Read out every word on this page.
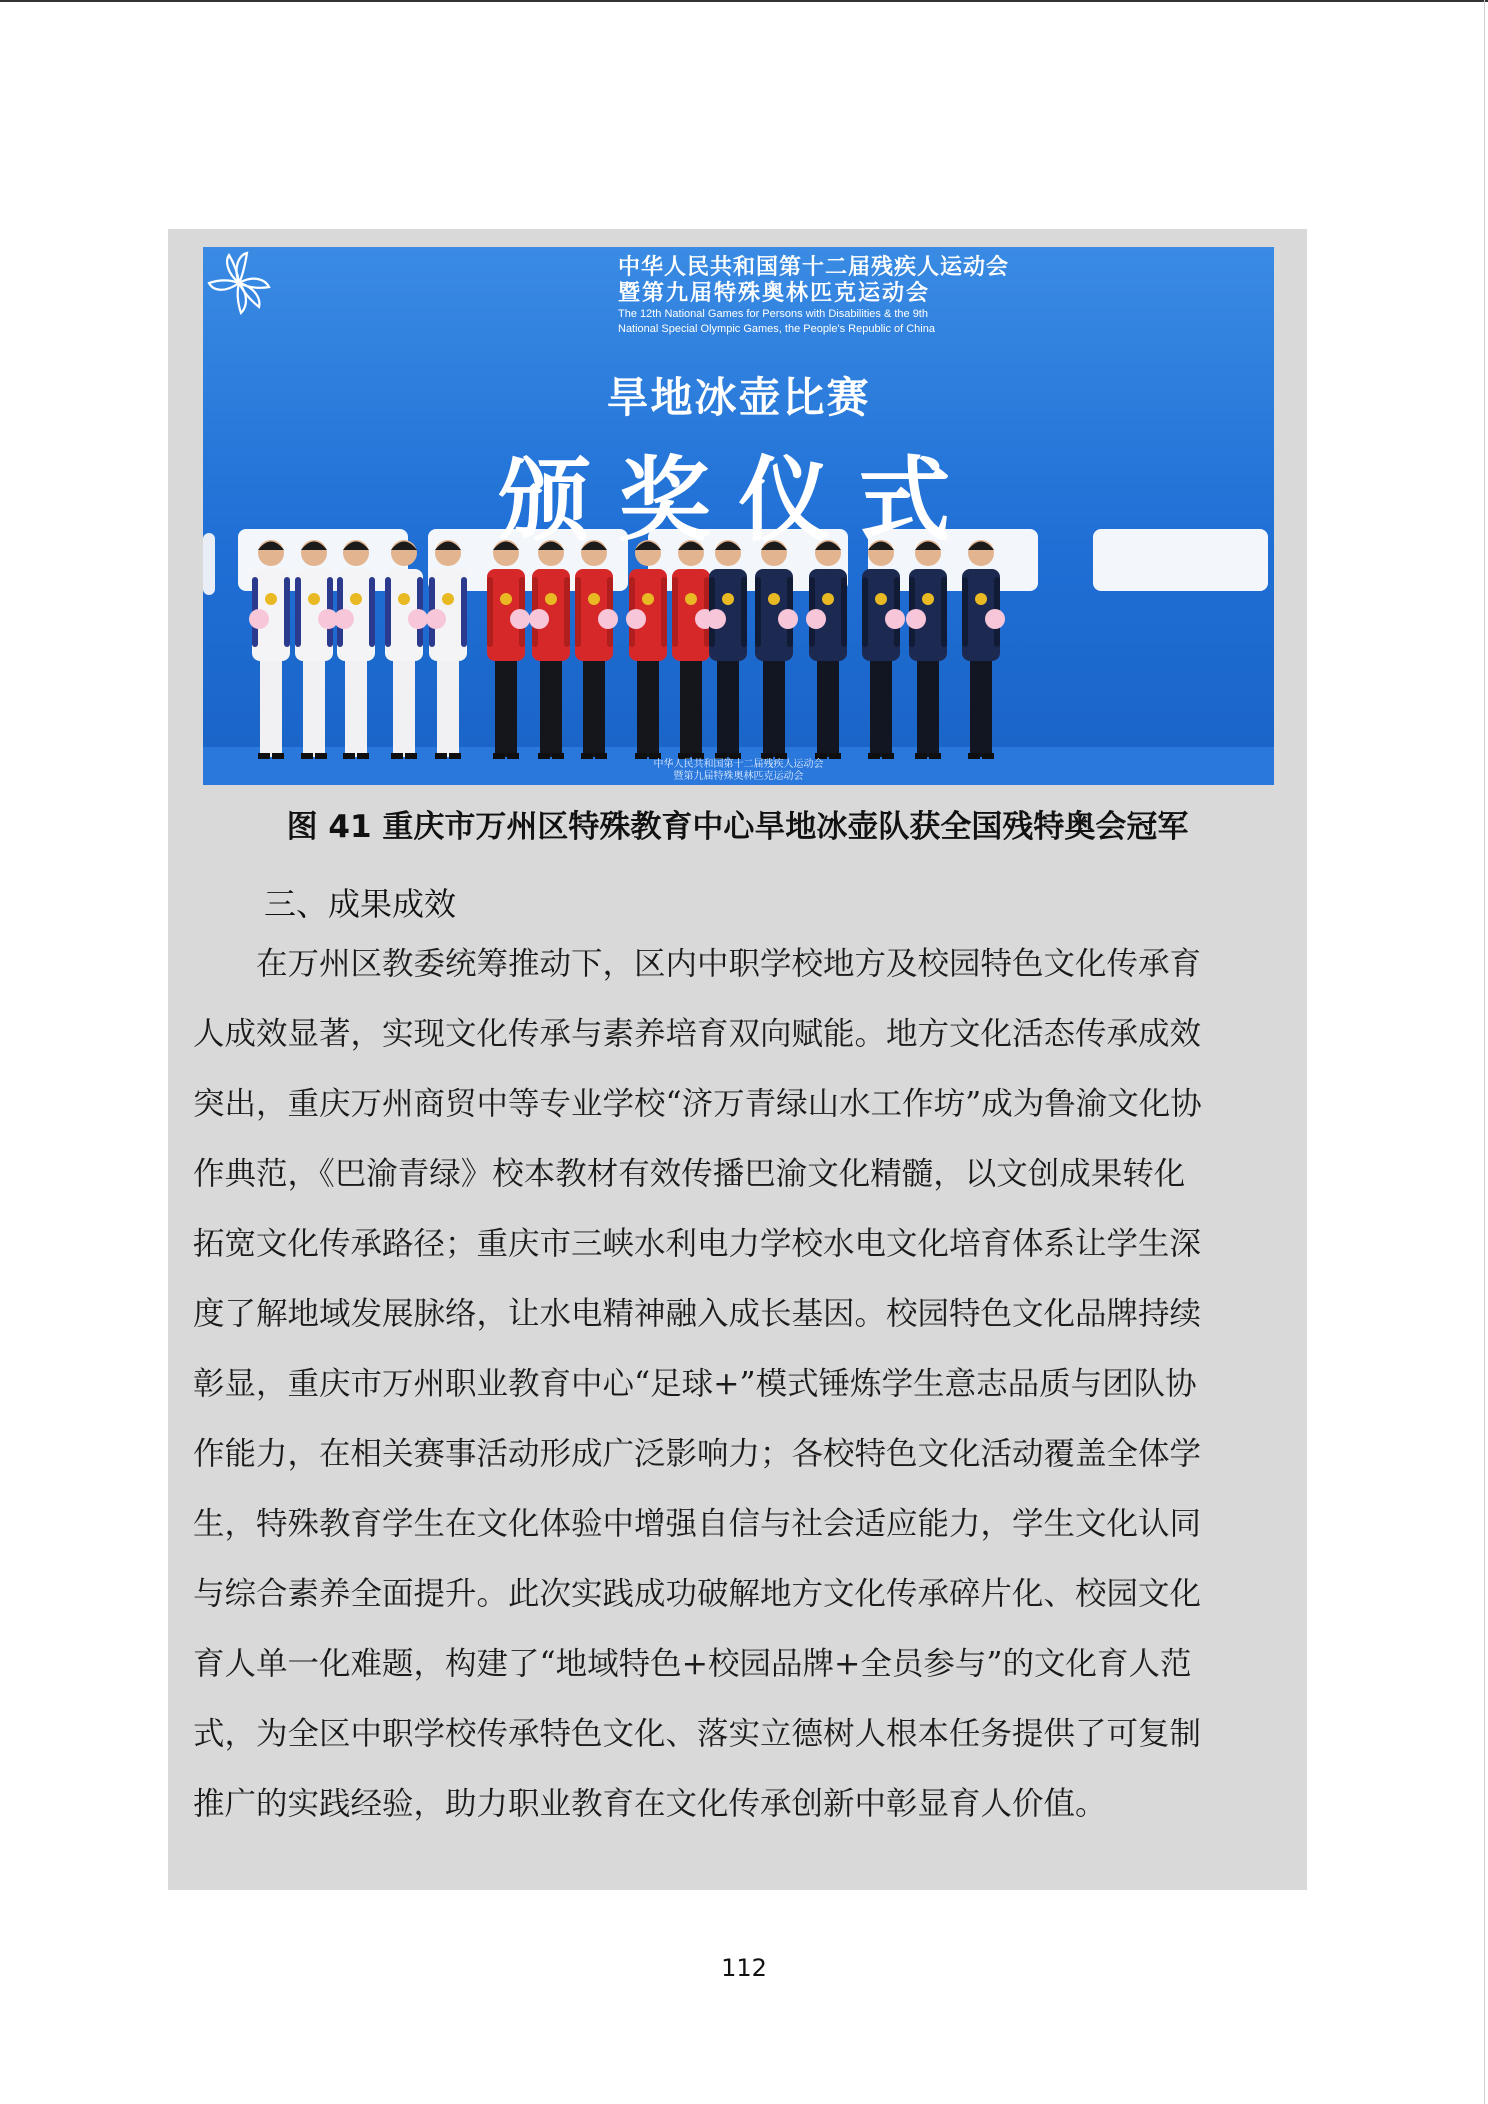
中华人民共和国第十二届残疾人运动会
暨第九届特殊奥林匹克运动会
The 12th National Games for Persons with Disabilities & the 9th
National Special Olympic Games, the People's Republic of China
旱地冰壶比赛
颁奖仪式
中华人民共和国第十二届残疾人运动会
暨第九届特殊奥林匹克运动会
图 41 重庆市万州区特殊教育中心旱地冰壶队获全国残特奥会冠军
三、成果成效
　　在万州区教委统筹推动下，区内中职学校地方及校园特色文化传承育
人成效显著，实现文化传承与素养培育双向赋能。地方文化活态传承成效
突出，重庆万州商贸中等专业学校“济万青绿山水工作坊”成为鲁渝文化协
作典范，《巴渝青绿》校本教材有效传播巴渝文化精髓，以文创成果转化
拓宽文化传承路径；重庆市三峡水利电力学校水电文化培育体系让学生深
度了解地域发展脉络，让水电精神融入成长基因。校园特色文化品牌持续
彰显，重庆市万州职业教育中心“足球+”模式锤炼学生意志品质与团队协
作能力，在相关赛事活动形成广泛影响力；各校特色文化活动覆盖全体学
生，特殊教育学生在文化体验中增强自信与社会适应能力，学生文化认同
与综合素养全面提升。此次实践成功破解地方文化传承碎片化、校园文化
育人单一化难题，构建了“地域特色+校园品牌+全员参与”的文化育人范
式，为全区中职学校传承特色文化、落实立德树人根本任务提供了可复制
推广的实践经验，助力职业教育在文化传承创新中彰显育人价值。
112
